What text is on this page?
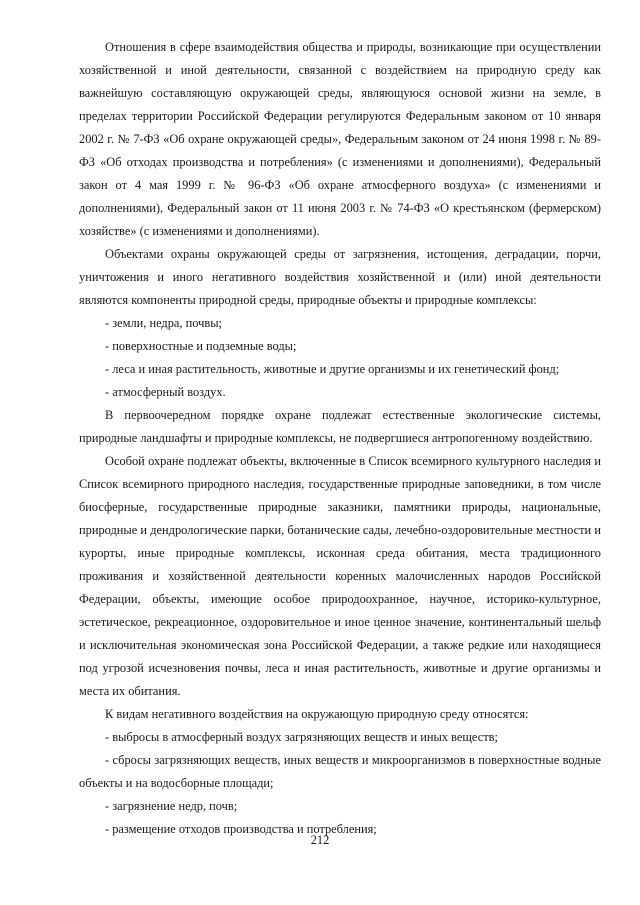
Отношения в сфере взаимодействия общества и природы, возникающие при осуществлении хозяйственной и иной деятельности, связанной с воздействием на природную среду как важнейшую составляющую окружающей среды, являющуюся основой жизни на земле, в пределах территории Российской Федерации регулируются Федеральным законом от 10 января 2002 г. № 7-ФЗ «Об охране окружающей среды», Федеральным законом от 24 июня 1998 г. № 89-ФЗ «Об отходах производства и потребления» (с изменениями и дополнениями), Федеральный закон от 4 мая 1999 г. № 96-ФЗ «Об охране атмосферного воздуха» (с изменениями и дополнениями), Федеральный закон от 11 июня 2003 г. № 74-ФЗ «О крестьянском (фермерском) хозяйстве» (с изменениями и дополнениями).

Объектами охраны окружающей среды от загрязнения, истощения, деградации, порчи, уничтожения и иного негативного воздействия хозяйственной и (или) иной деятельности являются компоненты природной среды, природные объекты и природные комплексы:

- земли, недра, почвы;

- поверхностные и подземные воды;

- леса и иная растительность, животные и другие организмы и их генетический фонд;

- атмосферный воздух.

В первоочередном порядке охране подлежат естественные экологические системы, природные ландшафты и природные комплексы, не подвергшиеся антропогенному воздействию.

Особой охране подлежат объекты, включенные в Список всемирного культурного наследия и Список всемирного природного наследия, государственные природные заповедники, в том числе биосферные, государственные природные заказники, памятники природы, национальные, природные и дендрологические парки, ботанические сады, лечебно-оздоровительные местности и курорты, иные природные комплексы, исконная среда обитания, места традиционного проживания и хозяйственной деятельности коренных малочисленных народов Российской Федерации, объекты, имеющие особое природоохранное, научное, историко-культурное, эстетическое, рекреационное, оздоровительное и иное ценное значение, континентальный шельф и исключительная экономическая зона Российской Федерации, а также редкие или находящиеся под угрозой исчезновения почвы, леса и иная растительность, животные и другие организмы и места их обитания.

К видам негативного воздействия на окружающую природную среду относятся:

- выбросы в атмосферный воздух загрязняющих веществ и иных веществ;

- сбросы загрязняющих веществ, иных веществ и микроорганизмов в поверхностные водные объекты и на водосборные площади;

- загрязнение недр, почв;

- размещение отходов производства и потребления;

212
